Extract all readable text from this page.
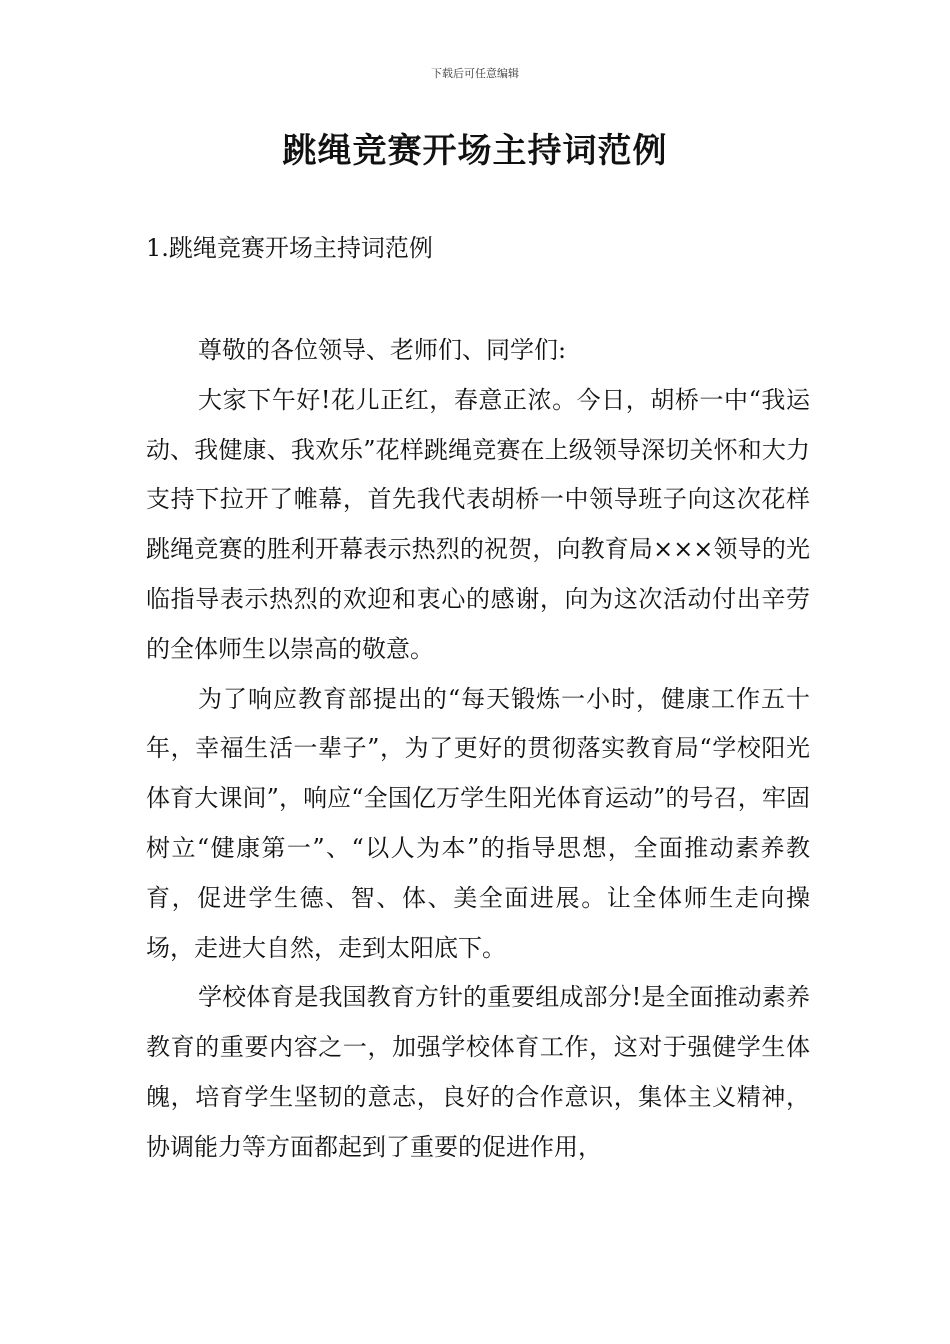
下载后可任意编辑
跳绳竞赛开场主持词范例
1.跳绳竞赛开场主持词范例

尊敬的各位领导、老师们、同学们:

大家下午好!花儿正红，春意正浓。今日，胡桥一中“我运动、我健康、我欢乐”花样跳绳竞赛在上级领导深切关怀和大力支持下拉开了帷幕，首先我代表胡桥一中领导班子向这次花样跳绳竞赛的胜利开幕表示热烈的祝贺，向教育局×××领导的光临指导表示热烈的欢迎和衷心的感谢，向为这次活动付出辛劳的全体师生以崇高的敬意。

为了响应教育部提出的“每天锻炼一小时，健康工作五十年，幸福生活一辈子”，为了更好的贯彻落实教育局“学校阳光体育大课间”，响应“全国亿万学生阳光体育运动”的号召，牢固树立“健康第一”、“以人为本”的指导思想，全面推动素养教育，促进学生德、智、体、美全面进展。让全体师生走向操场，走进大自然，走到太阳底下。

学校体育是我国教育方针的重要组成部分!是全面推动素养教育的重要内容之一，加强学校体育工作，这对于强健学生体魄，培育学生坚韧的意志，良好的合作意识，集体主义精神，协调能力等方面都起到了重要的促进作用，
